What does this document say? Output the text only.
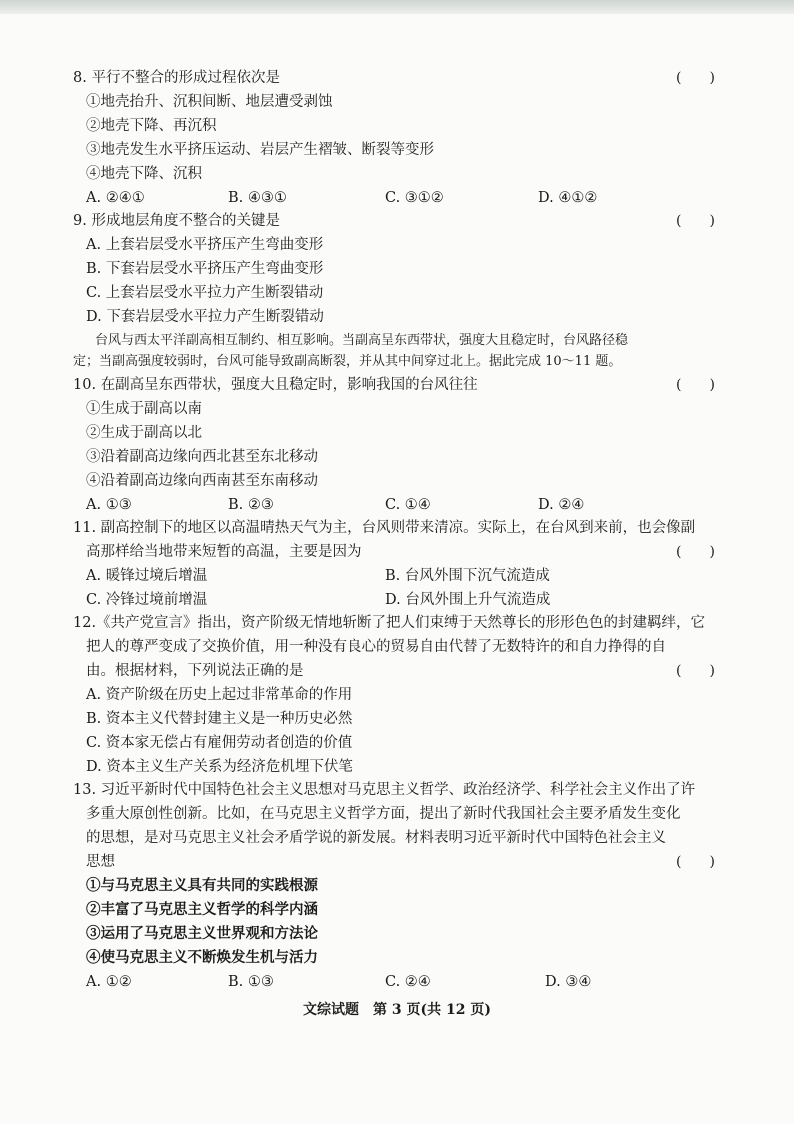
8. 平行不整合的形成过程依次是	(　　)
①地壳抬升、沉积间断、地层遭受剥蚀
②地壳下降、再沉积
③地壳发生水平挤压运动、岩层产生褶皱、断裂等变形
④地壳下降、沉积
A. ②④①	B. ④③①	C. ③①②	D. ④①②
9. 形成地层角度不整合的关键是	(　　)
A. 上套岩层受水平挤压产生弯曲变形
B. 下套岩层受水平挤压产生弯曲变形
C. 上套岩层受水平拉力产生断裂错动
D. 下套岩层受水平拉力产生断裂错动
台风与西太平洋副高相互制约、相互影响。当副高呈东西带状，强度大且稳定时，台风路径稳
定；当副高强度较弱时，台风可能导致副高断裂，并从其中间穿过北上。据此完成 10～11 题。
10. 在副高呈东西带状，强度大且稳定时，影响我国的台风往往	(　　)
①生成于副高以南
②生成于副高以北
③沿着副高边缘向西北甚至东北移动
④沿着副高边缘向西南甚至东南移动
A. ①③	B. ②③	C. ①④	D. ②④
11. 副高控制下的地区以高温晴热天气为主，台风则带来清凉。实际上，在台风到来前，也会像副
高那样给当地带来短暂的高温，主要是因为	(　　)
A. 暖锋过境后增温	B. 台风外围下沉气流造成
C. 冷锋过境前增温	D. 台风外围上升气流造成
12.《共产党宣言》指出，资产阶级无情地斩断了把人们束缚于天然尊长的形形色色的封建羁绊，它
把人的尊严变成了交换价值，用一种没有良心的贸易自由代替了无数特许的和自力挣得的自
由。根据材料，下列说法正确的是	(　　)
A. 资产阶级在历史上起过非常革命的作用
B. 资本主义代替封建主义是一种历史必然
C. 资本家无偿占有雇佣劳动者创造的价值
D. 资本主义生产关系为经济危机埋下伏笔
13. 习近平新时代中国特色社会主义思想对马克思主义哲学、政治经济学、科学社会主义作出了许
多重大原创性创新。比如，在马克思主义哲学方面，提出了新时代我国社会主要矛盾发生变化
的思想，是对马克思主义社会矛盾学说的新发展。材料表明习近平新时代中国特色社会主义
思想	(　　)
①与马克思主义具有共同的实践根源
②丰富了马克思主义哲学的科学内涵
③运用了马克思主义世界观和方法论
④使马克思主义不断焕发生机与活力
A. ①②	B. ①③	C. ②④	D. ③④
文综试题　第 3 页(共 12 页)
